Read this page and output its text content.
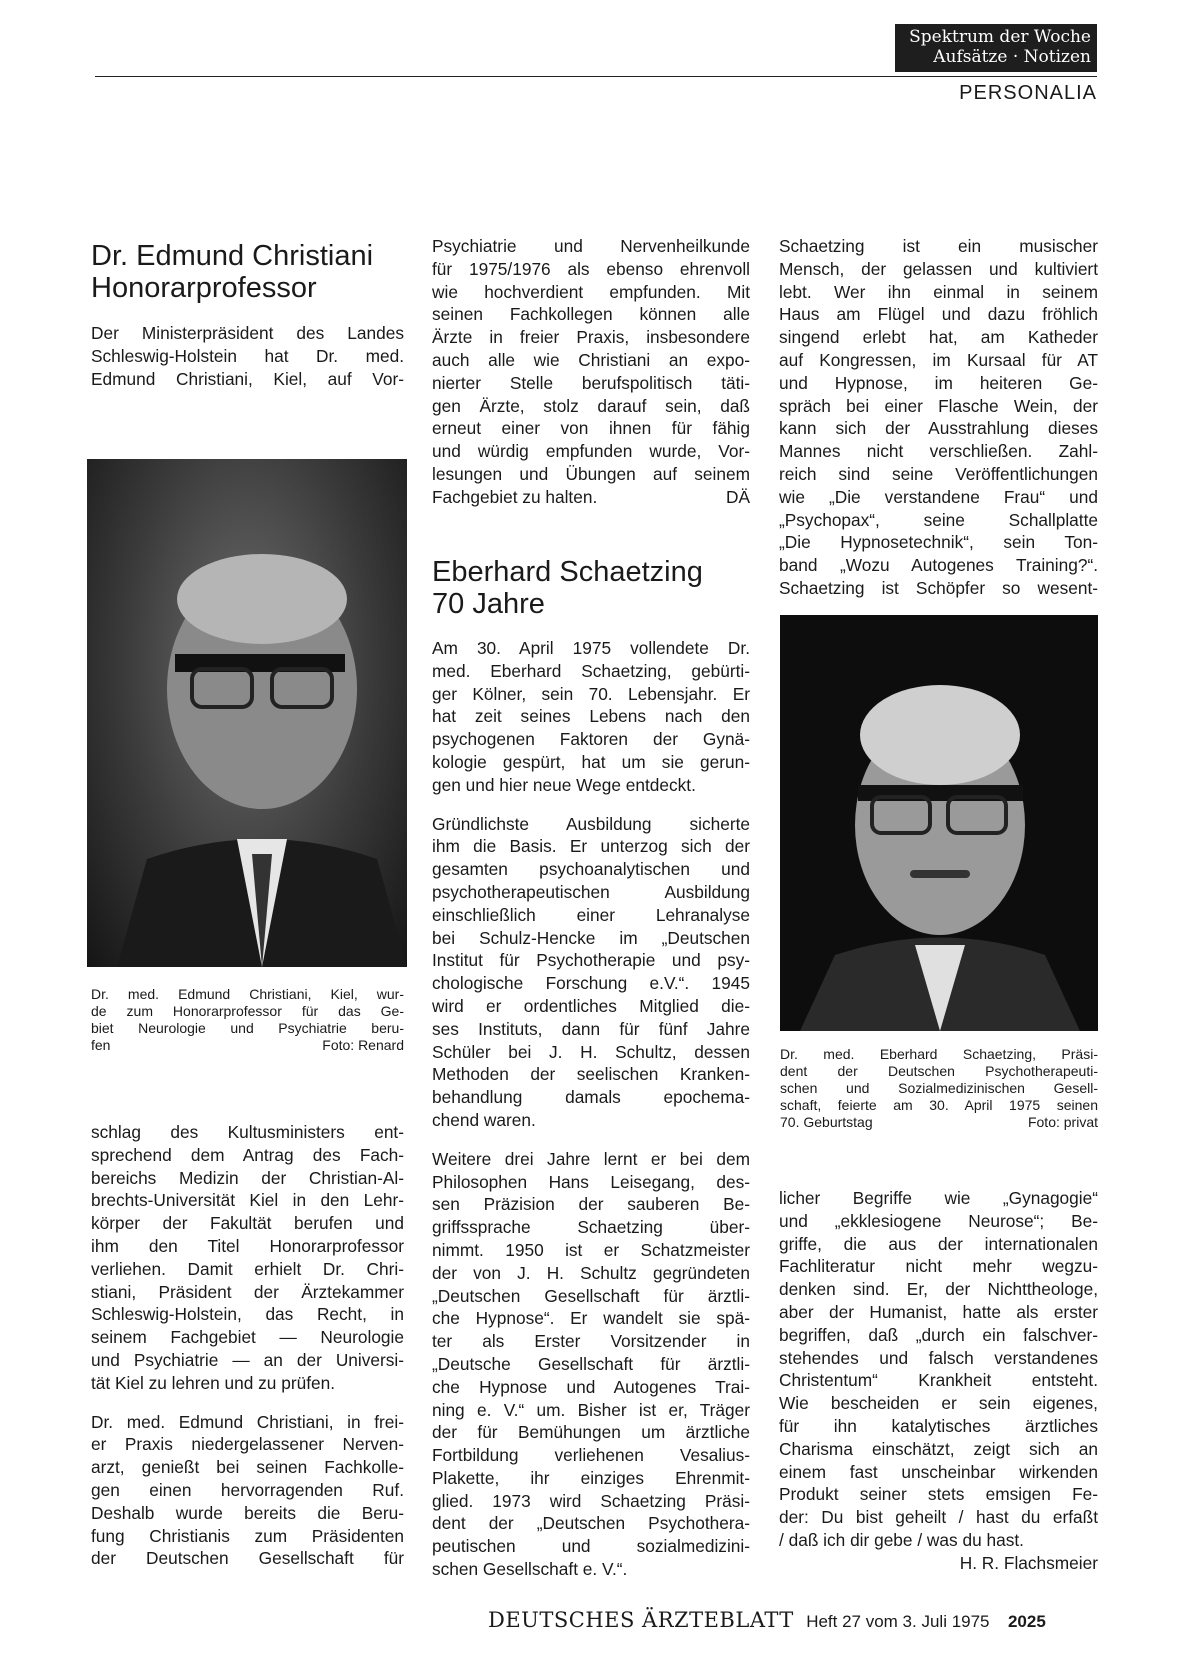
Spektrum der Woche
Aufsätze · Notizen
PERSONALIA
Dr. Edmund Christiani
Honorarprofessor
Der Ministerpräsident des Landes
Schleswig-Holstein hat Dr. med.
Edmund Christiani, Kiel, auf Vor-
Dr. med. Edmund Christiani, Kiel, wur-
de zum Honorarprofessor für das Ge-
biet Neurologie und Psychiatrie beru-
fen	Foto: Renard

schlag des Kultusministers ent-
sprechend dem Antrag des Fach-
bereichs Medizin der Christian-Al-
brechts-Universität Kiel in den Lehr-
körper der Fakultät berufen und
ihm den Titel Honorarprofessor
verliehen. Damit erhielt Dr. Chri-
stiani, Präsident der Ärztekammer
Schleswig-Holstein, das Recht, in
seinem Fachgebiet — Neurologie
und Psychiatrie — an der Universi-
tät Kiel zu lehren und zu prüfen.

Dr. med. Edmund Christiani, in frei-
er Praxis niedergelassener Nerven-
arzt, genießt bei seinen Fachkolle-
gen einen hervorragenden Ruf.
Deshalb wurde bereits die Beru-
fung Christianis zum Präsidenten
der Deutschen Gesellschaft für

Psychiatrie und Nervenheilkunde
für 1975/1976 als ebenso ehrenvoll
wie hochverdient empfunden. Mit
seinen Fachkollegen können alle
Ärzte in freier Praxis, insbesondere
auch alle wie Christiani an expo-
nierter Stelle berufspolitisch täti-
gen Ärzte, stolz darauf sein, daß
erneut einer von ihnen für fähig
und würdig empfunden wurde, Vor-
lesungen und Übungen auf seinem

Fachgebiet zu halten.	DÄ
Eberhard Schaetzing
70 Jahre

Am 30. April 1975 vollendete Dr.
med. Eberhard Schaetzing, gebürti-
ger Kölner, sein 70. Lebensjahr. Er
hat zeit seines Lebens nach den
psychogenen Faktoren der Gynä-
kologie gespürt, hat um sie gerun-
gen und hier neue Wege entdeckt.

Gründlichste Ausbildung sicherte
ihm die Basis. Er unterzog sich der
gesamten psychoanalytischen und
psychotherapeutischen Ausbildung
einschließlich einer Lehranalyse
bei Schulz-Hencke im „Deutschen
Institut für Psychotherapie und psy-
chologische Forschung e.V.“. 1945
wird er ordentliches Mitglied die-
ses Instituts, dann für fünf Jahre
Schüler bei J. H. Schultz, dessen
Methoden der seelischen Kranken-
behandlung damals epochema-
chend waren.

Weitere drei Jahre lernt er bei dem
Philosophen Hans Leisegang, des-
sen Präzision der sauberen Be-
griffssprache Schaetzing über-
nimmt. 1950 ist er Schatzmeister
der von J. H. Schultz gegründeten
„Deutschen Gesellschaft für ärztli-
che Hypnose“. Er wandelt sie spä-
ter als Erster Vorsitzender in
„Deutsche Gesellschaft für ärztli-
che Hypnose und Autogenes Trai-
ning e. V.“ um. Bisher ist er, Träger
der für Bemühungen um ärztliche
Fortbildung verliehenen Vesalius-
Plakette, ihr einziges Ehrenmit-
glied. 1973 wird Schaetzing Präsi-
dent der „Deutschen Psychothera-
peutischen und sozialmedizini-
schen Gesellschaft e. V.“.

Schaetzing ist ein musischer
Mensch, der gelassen und kultiviert
lebt. Wer ihn einmal in seinem
Haus am Flügel und dazu fröhlich
singend erlebt hat, am Katheder
auf Kongressen, im Kursaal für AT
und Hypnose, im heiteren Ge-
spräch bei einer Flasche Wein, der
kann sich der Ausstrahlung dieses
Mannes nicht verschließen. Zahl-
reich sind seine Veröffentlichungen
wie „Die verstandene Frau“ und
„Psychopax“, seine Schallplatte
„Die Hypnosetechnik“, sein Ton-
band „Wozu Autogenes Training?“.
Schaetzing ist Schöpfer so wesent-

Dr. med. Eberhard Schaetzing, Präsi-
dent der Deutschen Psychotherapeuti-
schen und Sozialmedizinischen Gesell-
schaft, feierte am 30. April 1975 seinen
70. Geburtstag	Foto: privat

licher Begriffe wie „Gynagogie“
und „ekklesiogene Neurose“; Be-
griffe, die aus der internationalen
Fachliteratur nicht mehr wegzu-
denken sind. Er, der Nichttheologe,
aber der Humanist, hatte als erster
begriffen, daß „durch ein falschver-
stehendes und falsch verstandenes
Christentum“ Krankheit entsteht.
Wie bescheiden er sein eigenes,
für ihn katalytisches ärztliches
Charisma einschätzt, zeigt sich an
einem fast unscheinbar wirkenden
Produkt seiner stets emsigen Fe-
der: Du bist geheilt / hast du erfaßt

/ daß ich dir gebe / was du hast.
H. R. Flachsmeier
DEUTSCHES ÄRZTEBLATT Heft 27 vom 3. Juli 1975 2025
